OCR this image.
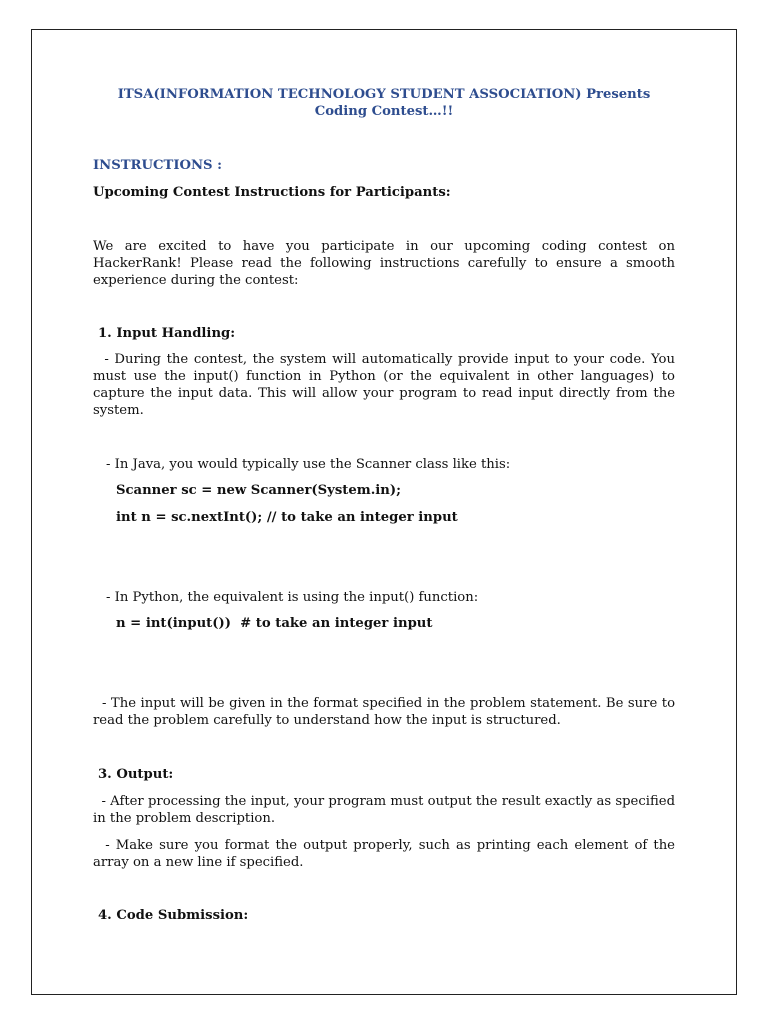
ITSA(INFORMATION TECHNOLOGY STUDENT ASSOCIATION) Presents Coding Contest…!!

INSTRUCTIONS :

Upcoming Contest Instructions for Participants:

We are excited to have you participate in our upcoming coding contest on HackerRank! Please read the following instructions carefully to ensure a smooth experience during the contest:

1. Input Handling:

- During the contest, the system will automatically provide input to your code. You must use the input() function in Python (or the equivalent in other languages) to capture the input data. This will allow your program to read input directly from the system.

- In Java, you would typically use the Scanner class like this:

Scanner sc = new Scanner(System.in);

int n = sc.nextInt(); // to take an integer input

- In Python, the equivalent is using the input() function:

n = int(input())  # to take an integer input

- The input will be given in the format specified in the problem statement. Be sure to read the problem carefully to understand how the input is structured.

3. Output:

- After processing the input, your program must output the result exactly as specified in the problem description.

- Make sure you format the output properly, such as printing each element of the array on a new line if specified.

4. Code Submission:
